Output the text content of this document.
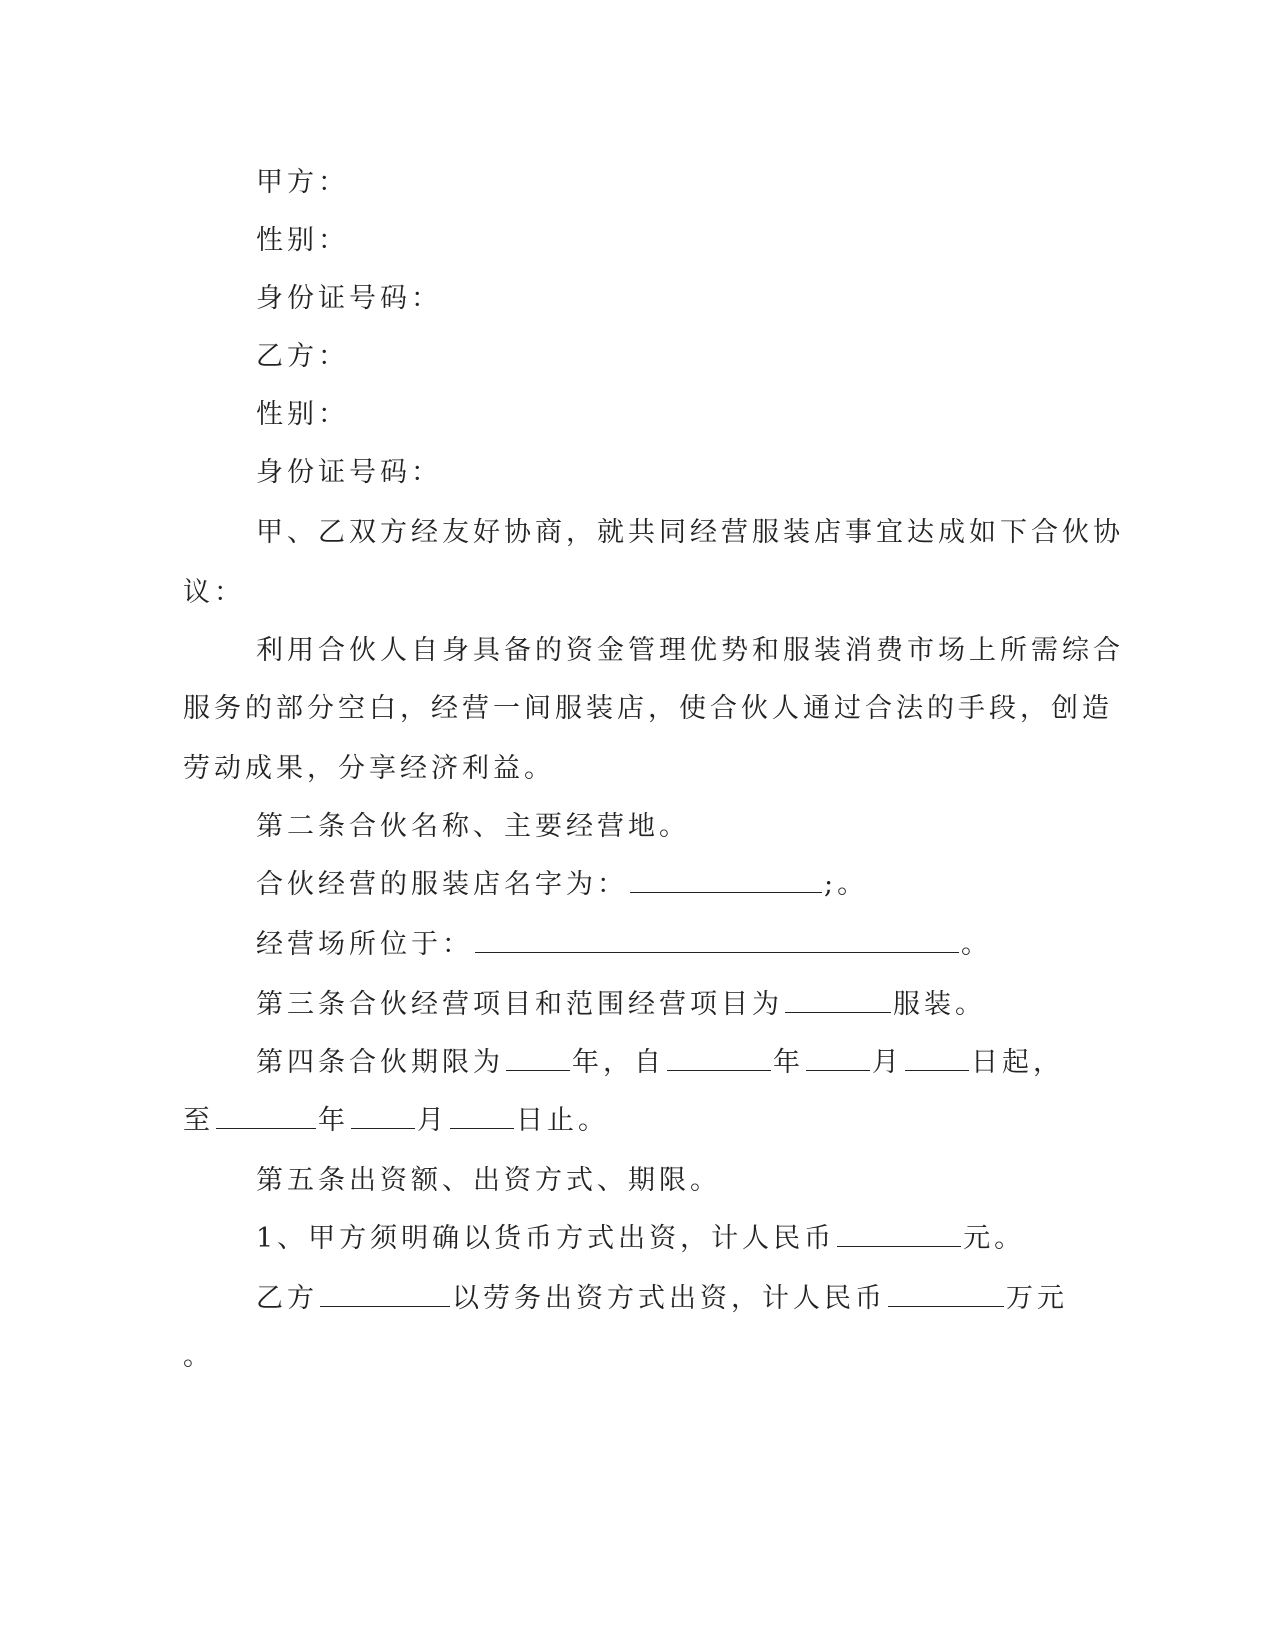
甲方：
性别：
身份证号码：
乙方：
性别：
身份证号码：
甲、乙双方经友好协商，就共同经营服装店事宜达成如下合伙协
议：
利用合伙人自身具备的资金管理优势和服装消费市场上所需综合
服务的部分空白，经营一间服装店，使合伙人通过合法的手段，创造
劳动成果，分享经济利益。
第二条合伙名称、主要经营地。
合伙经营的服装店名字为：	;。
经营场所位于：	。
第三条合伙经营项目和范围经营项目为	服装。
第四条合伙期限为	年，自	年	月	日起，
至	年	月	日止。
第五条出资额、出资方式、期限。
1、甲方须明确以货币方式出资，计人民币	元。
乙方	以劳务出资方式出资，计人民币	万元
。
